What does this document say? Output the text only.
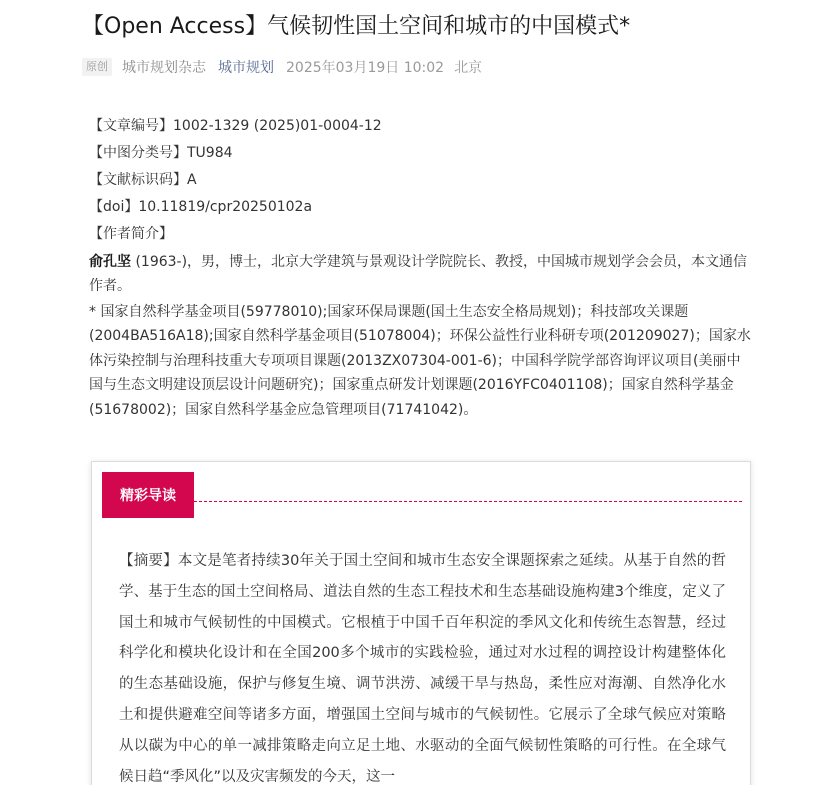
【Open Access】气候韧性国土空间和城市的中国模式*
原创 城市规划杂志 城市规划 2025年03月19日 10:02 北京
【文章编号】1002-1329 (2025)01-0004-12
【中图分类号】TU984
【文献标识码】A
【doi】10.11819/cpr20250102a
【作者简介】
俞孔坚 (1963-)，男，博士，北京大学建筑与景观设计学院院长、教授，中国城市规划学会会员，本文通信作者。
* 国家自然科学基金项目(59778010);国家环保局课题(国土生态安全格局规划)；科技部攻关课题(2004BA516A18);国家自然科学基金项目(51078004)；环保公益性行业科研专项(201209027)；国家水体污染控制与治理科技重大专项项目课题(2013ZX07304-001-6)；中国科学院学部咨询评议项目(美丽中国与生态文明建设顶层设计问题研究)；国家重点研发计划课题(2016YFC0401108)；国家自然科学基金(51678002)；国家自然科学基金应急管理项目(71741042)。
精彩导读

【摘要】本文是笔者持续30年关于国土空间和城市生态安全课题探索之延续。从基于自然的哲学、基于生态的国土空间格局、道法自然的生态工程技术和生态基础设施构建3个维度，定义了国土和城市气候韧性的中国模式。它根植于中国千百年积淀的季风文化和传统生态智慧，经过科学化和模块化设计和在全国200多个城市的实践检验，通过对水过程的调控设计构建整体化的生态基础设施，保护与修复生境、调节洪涝、减缓干旱与热岛，柔性应对海潮、自然净化水土和提供避难空间等诸多方面，增强国土空间与城市的气候韧性。它展示了全球气候应对策略从以碳为中心的单一减排策略走向立足土地、水驱动的全面气候韧性策略的可行性。在全球气候日趋“季风化”以及灾害频发的今天，这一
